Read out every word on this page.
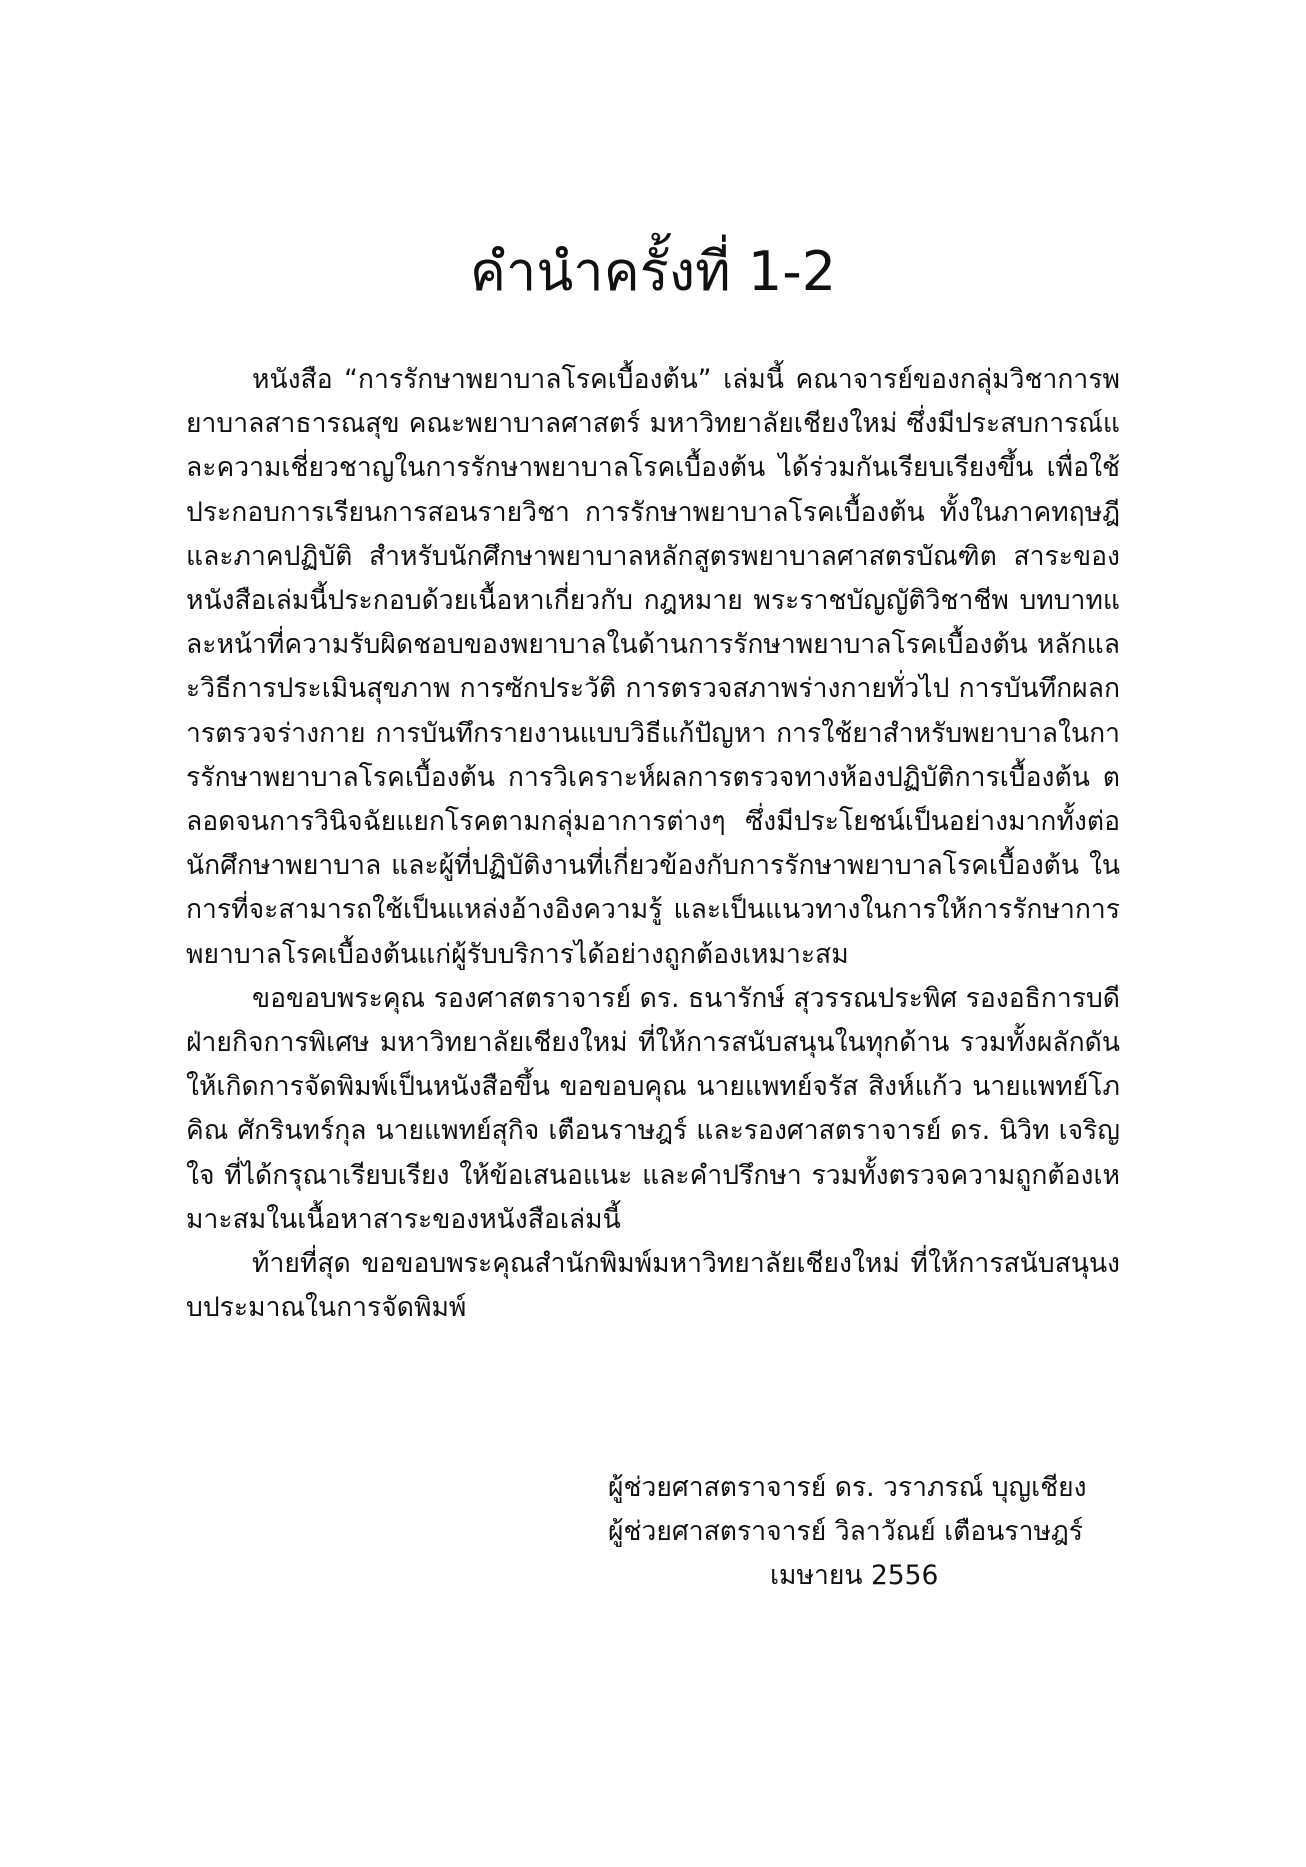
คำนำครั้งที่ 1-2

หนังสือ “การรักษาพยาบาลโรคเบื้องต้น” เล่มนี้ คณาจารย์ของกลุ่มวิชาการพยาบาลสาธารณสุข คณะพยาบาลศาสตร์ มหาวิทยาลัยเชียงใหม่ ซึ่งมีประสบการณ์และความเชี่ยวชาญในการรักษาพยาบาลโรคเบื้องต้น ได้ร่วมกันเรียบเรียงขึ้น เพื่อใช้ประกอบการเรียนการสอนรายวิชา การรักษาพยาบาลโรคเบื้องต้น ทั้งในภาคทฤษฎีและภาคปฏิบัติ สำหรับนักศึกษาพยาบาลหลักสูตรพยาบาลศาสตรบัณฑิต สาระของหนังสือเล่มนี้ประกอบด้วยเนื้อหาเกี่ยวกับ กฎหมาย พระราชบัญญัติวิชาชีพ บทบาทและหน้าที่ความรับผิดชอบของพยาบาลในด้านการรักษาพยาบาลโรคเบื้องต้น หลักและวิธีการประเมินสุขภาพ การซักประวัติ การตรวจสภาพร่างกายทั่วไป การบันทึกผลการตรวจร่างกาย การบันทึกรายงานแบบวิธีแก้ปัญหา การใช้ยาสำหรับพยาบาลในการรักษาพยาบาลโรคเบื้องต้น การวิเคราะห์ผลการตรวจทางห้องปฏิบัติการเบื้องต้น ตลอดจนการวินิจฉัยแยกโรคตามกลุ่มอาการต่างๆ ซึ่งมีประโยชน์เป็นอย่างมากทั้งต่อนักศึกษาพยาบาล และผู้ที่ปฏิบัติงานที่เกี่ยวข้องกับการรักษาพยาบาลโรคเบื้องต้น ในการที่จะสามารถใช้เป็นแหล่งอ้างอิงความรู้ และเป็นแนวทางในการให้การรักษาการพยาบาลโรคเบื้องต้นแก่ผู้รับบริการได้อย่างถูกต้องเหมาะสม

ขอขอบพระคุณ รองศาสตราจารย์ ดร. ธนารักษ์ สุวรรณประพิศ รองอธิการบดีฝ่ายกิจการพิเศษ มหาวิทยาลัยเชียงใหม่ ที่ให้การสนับสนุนในทุกด้าน รวมทั้งผลักดันให้เกิดการจัดพิมพ์เป็นหนังสือขึ้น ขอขอบคุณ นายแพทย์จรัส สิงห์แก้ว นายแพทย์โภคิณ ศักรินทร์กุล นายแพทย์สุกิจ เตือนราษฎร์ และรองศาสตราจารย์ ดร. นิวิท เจริญใจ ที่ได้กรุณาเรียบเรียง ให้ข้อเสนอแนะ และคำปรึกษา รวมทั้งตรวจความถูกต้องเหมาะสมในเนื้อหาสาระของหนังสือเล่มนี้

ท้ายที่สุด ขอขอบพระคุณสำนักพิมพ์มหาวิทยาลัยเชียงใหม่ ที่ให้การสนับสนุนงบประมาณในการจัดพิมพ์

ผู้ช่วยศาสตราจารย์ ดร. วราภรณ์ บุญเชียง
ผู้ช่วยศาสตราจารย์ วิลาวัณย์ เตือนราษฎร์
เมษายน 2556
